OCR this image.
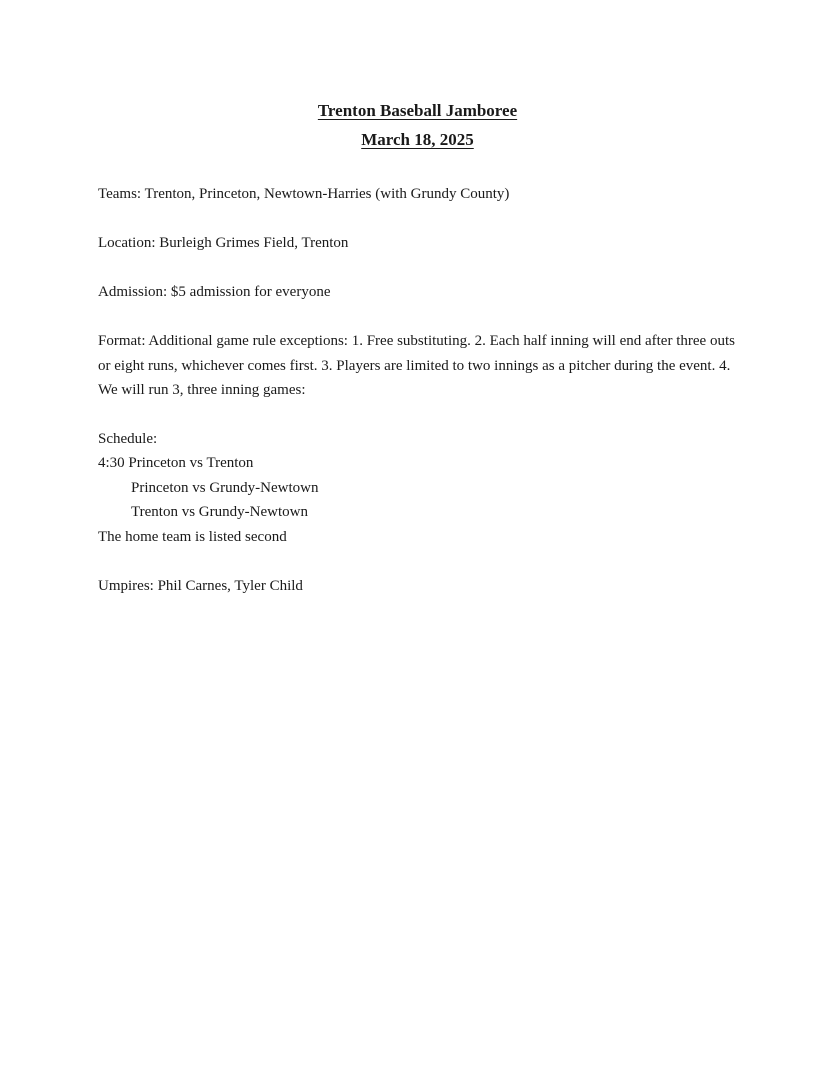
Trenton Baseball Jamboree
March 18, 2025
Teams: Trenton, Princeton, Newtown-Harries (with Grundy County)
Location: Burleigh Grimes Field, Trenton
Admission: $5 admission for everyone
Format: Additional game rule exceptions: 1. Free substituting. 2. Each half inning will end after three outs or eight runs, whichever comes first. 3. Players are limited to two innings as a pitcher during the event. 4. We will run 3, three inning games:
Schedule:
4:30 Princeton vs Trenton
Princeton vs Grundy-Newtown
Trenton vs Grundy-Newtown
The home team is listed second
Umpires: Phil Carnes, Tyler Child
